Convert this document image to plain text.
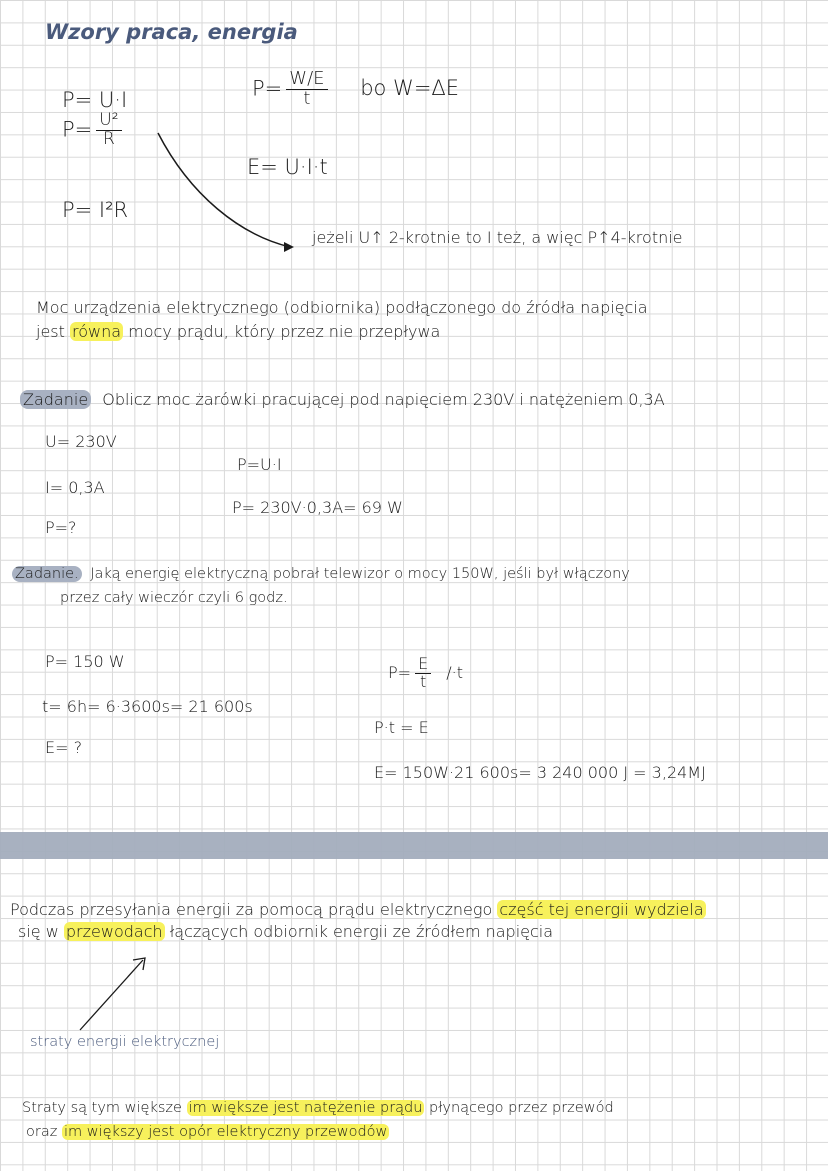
Wzory praca, energia
P= U·I
$P= \frac{\text{U²}}{R}$
P= I²R
$P= \frac{W/E}{t}$ bo W=ΔE
E= U·I·t
jeżeli U↑ 2-krotnie to I też, a więc P↑4-krotnie
Moc urządzenia elektrycznego (odbiornika) podłączonego do źródła napięcia
jest równa mocy prądu, który przez nie przepływa
Zadanie Oblicz moc żarówki pracującej pod napięciem 230V i natężeniem 0,3A
U= 230V
I= 0,3A
P=?
P=U·I
P= 230V·0,3A= 69 W
Zadanie. Jaką energię elektryczną pobrał telewizor o mocy 150W, jeśli był włączony
przez cały wieczór czyli 6 godz.
P= 150 W
t= 6h= 6·3600s= 21 600s
E= ?
$P= \frac{E}{t} /\cdot t$
P·t = E
E= 150W·21 600s= 3 240 000 J = 3,24MJ
Podczas przesyłania energii za pomocą prądu elektrycznego część tej energii wydziela
się w przewodach łączących odbiornik energii ze źródłem napięcia
straty energii elektrycznej
Straty są tym większe im większe jest natężenie prądu płynącego przez przewód
oraz im większy jest opór elektryczny przewodów
